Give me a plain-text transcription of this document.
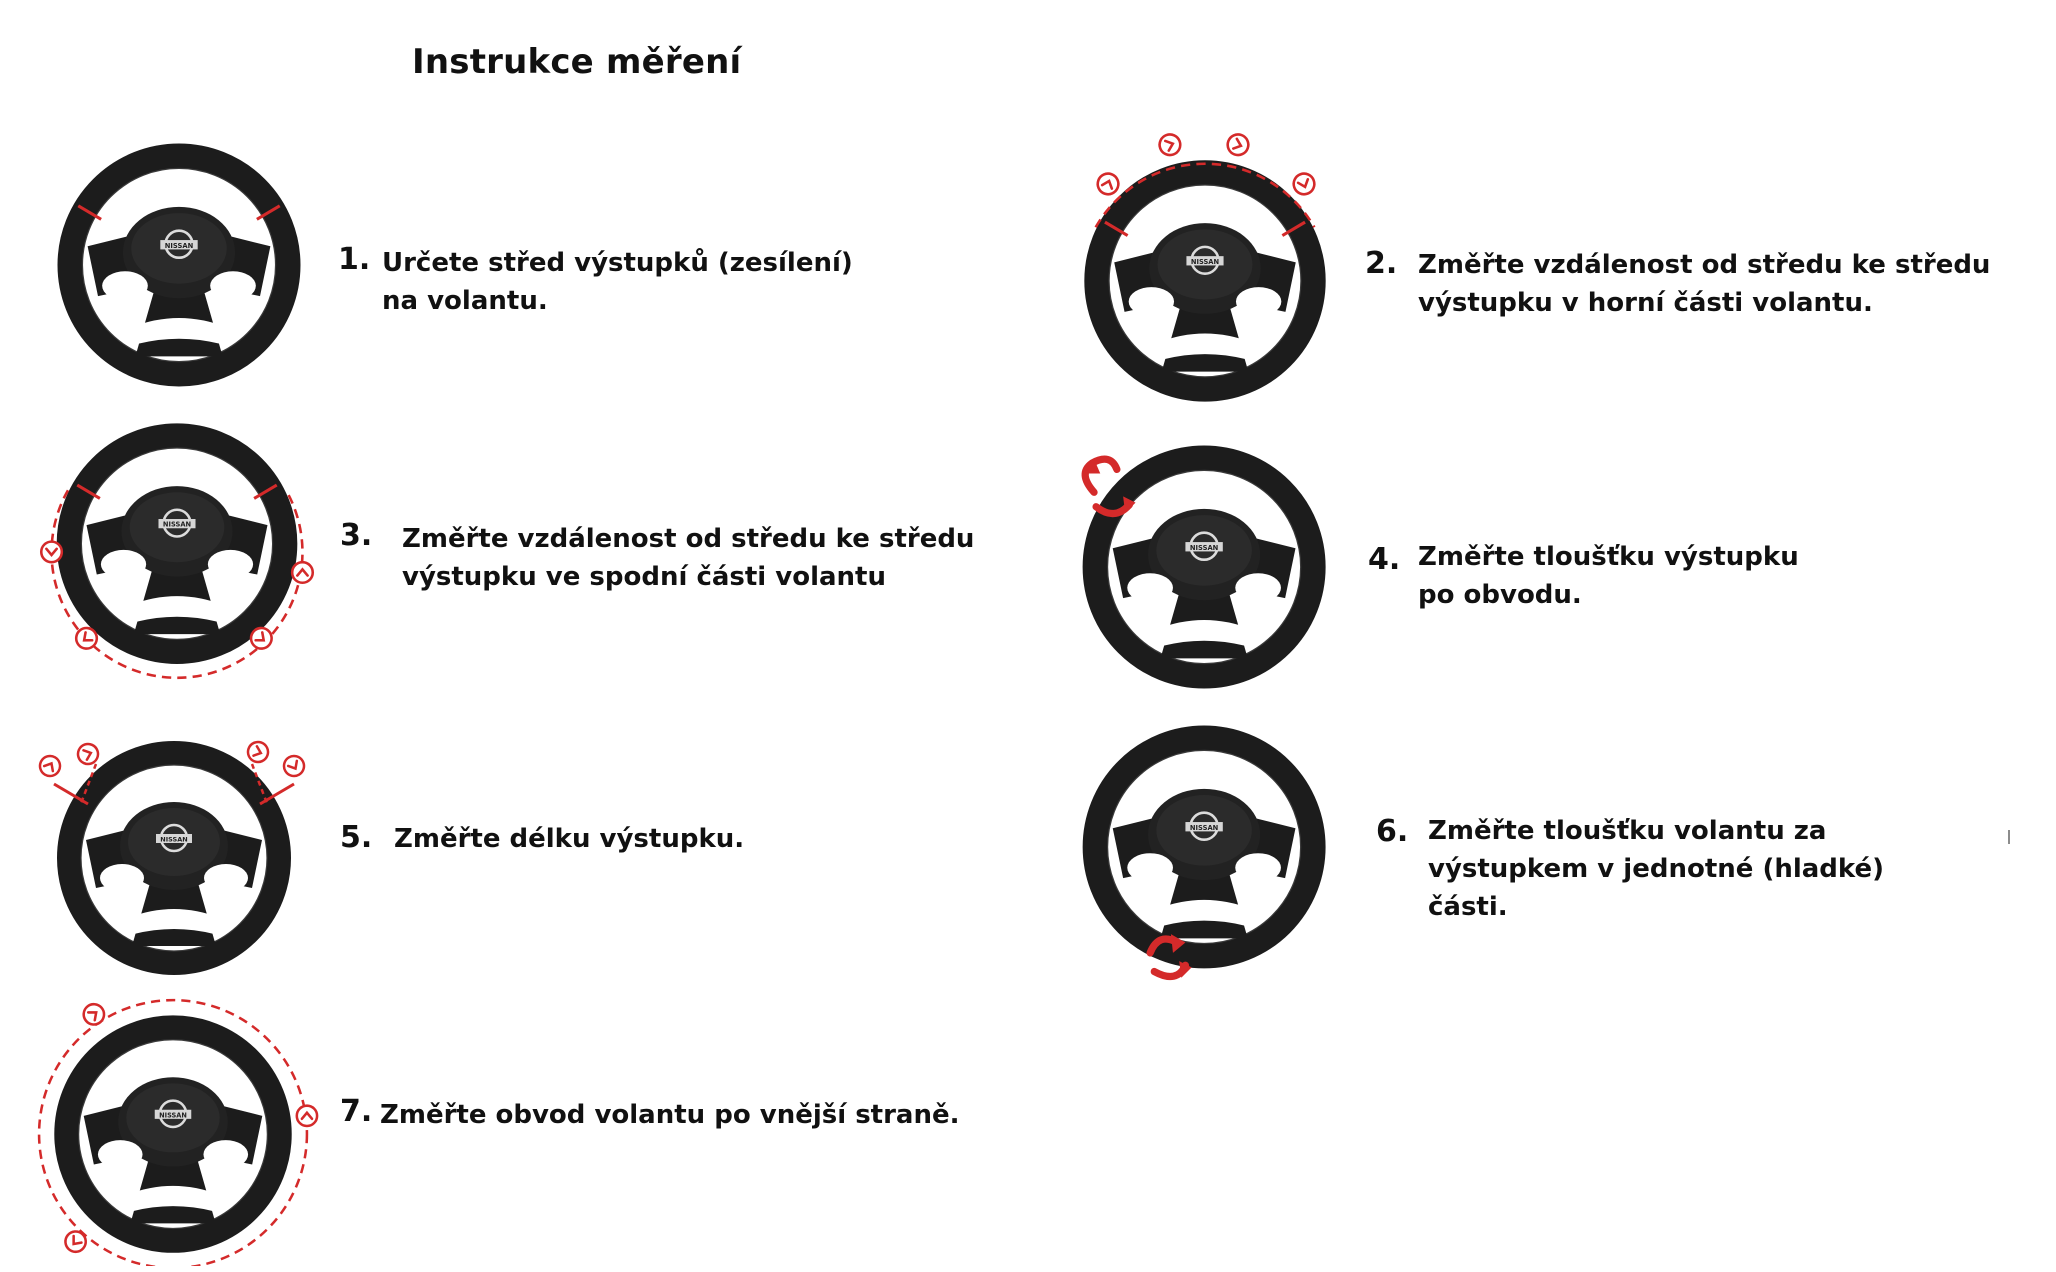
Instrukce měření
NISSAN	1. Určete střed výstupků (zesílení)
na volantu.
NISSAN	2. Změřte vzdálenost od středu ke středu
výstupku v horní části volantu.
NISSAN	3. Změřte vzdálenost od středu ke středu
výstupku ve spodní části volantu
NISSAN	4. Změřte tloušťku výstupku
po obvodu.
NISSAN	5. Změřte délku výstupku.	NISSAN	6. Změřte tloušťku volantu za
výstupkem v jednotné (hladké)
části.
NISSAN	7. Změřte obvod volantu po vnější straně.
